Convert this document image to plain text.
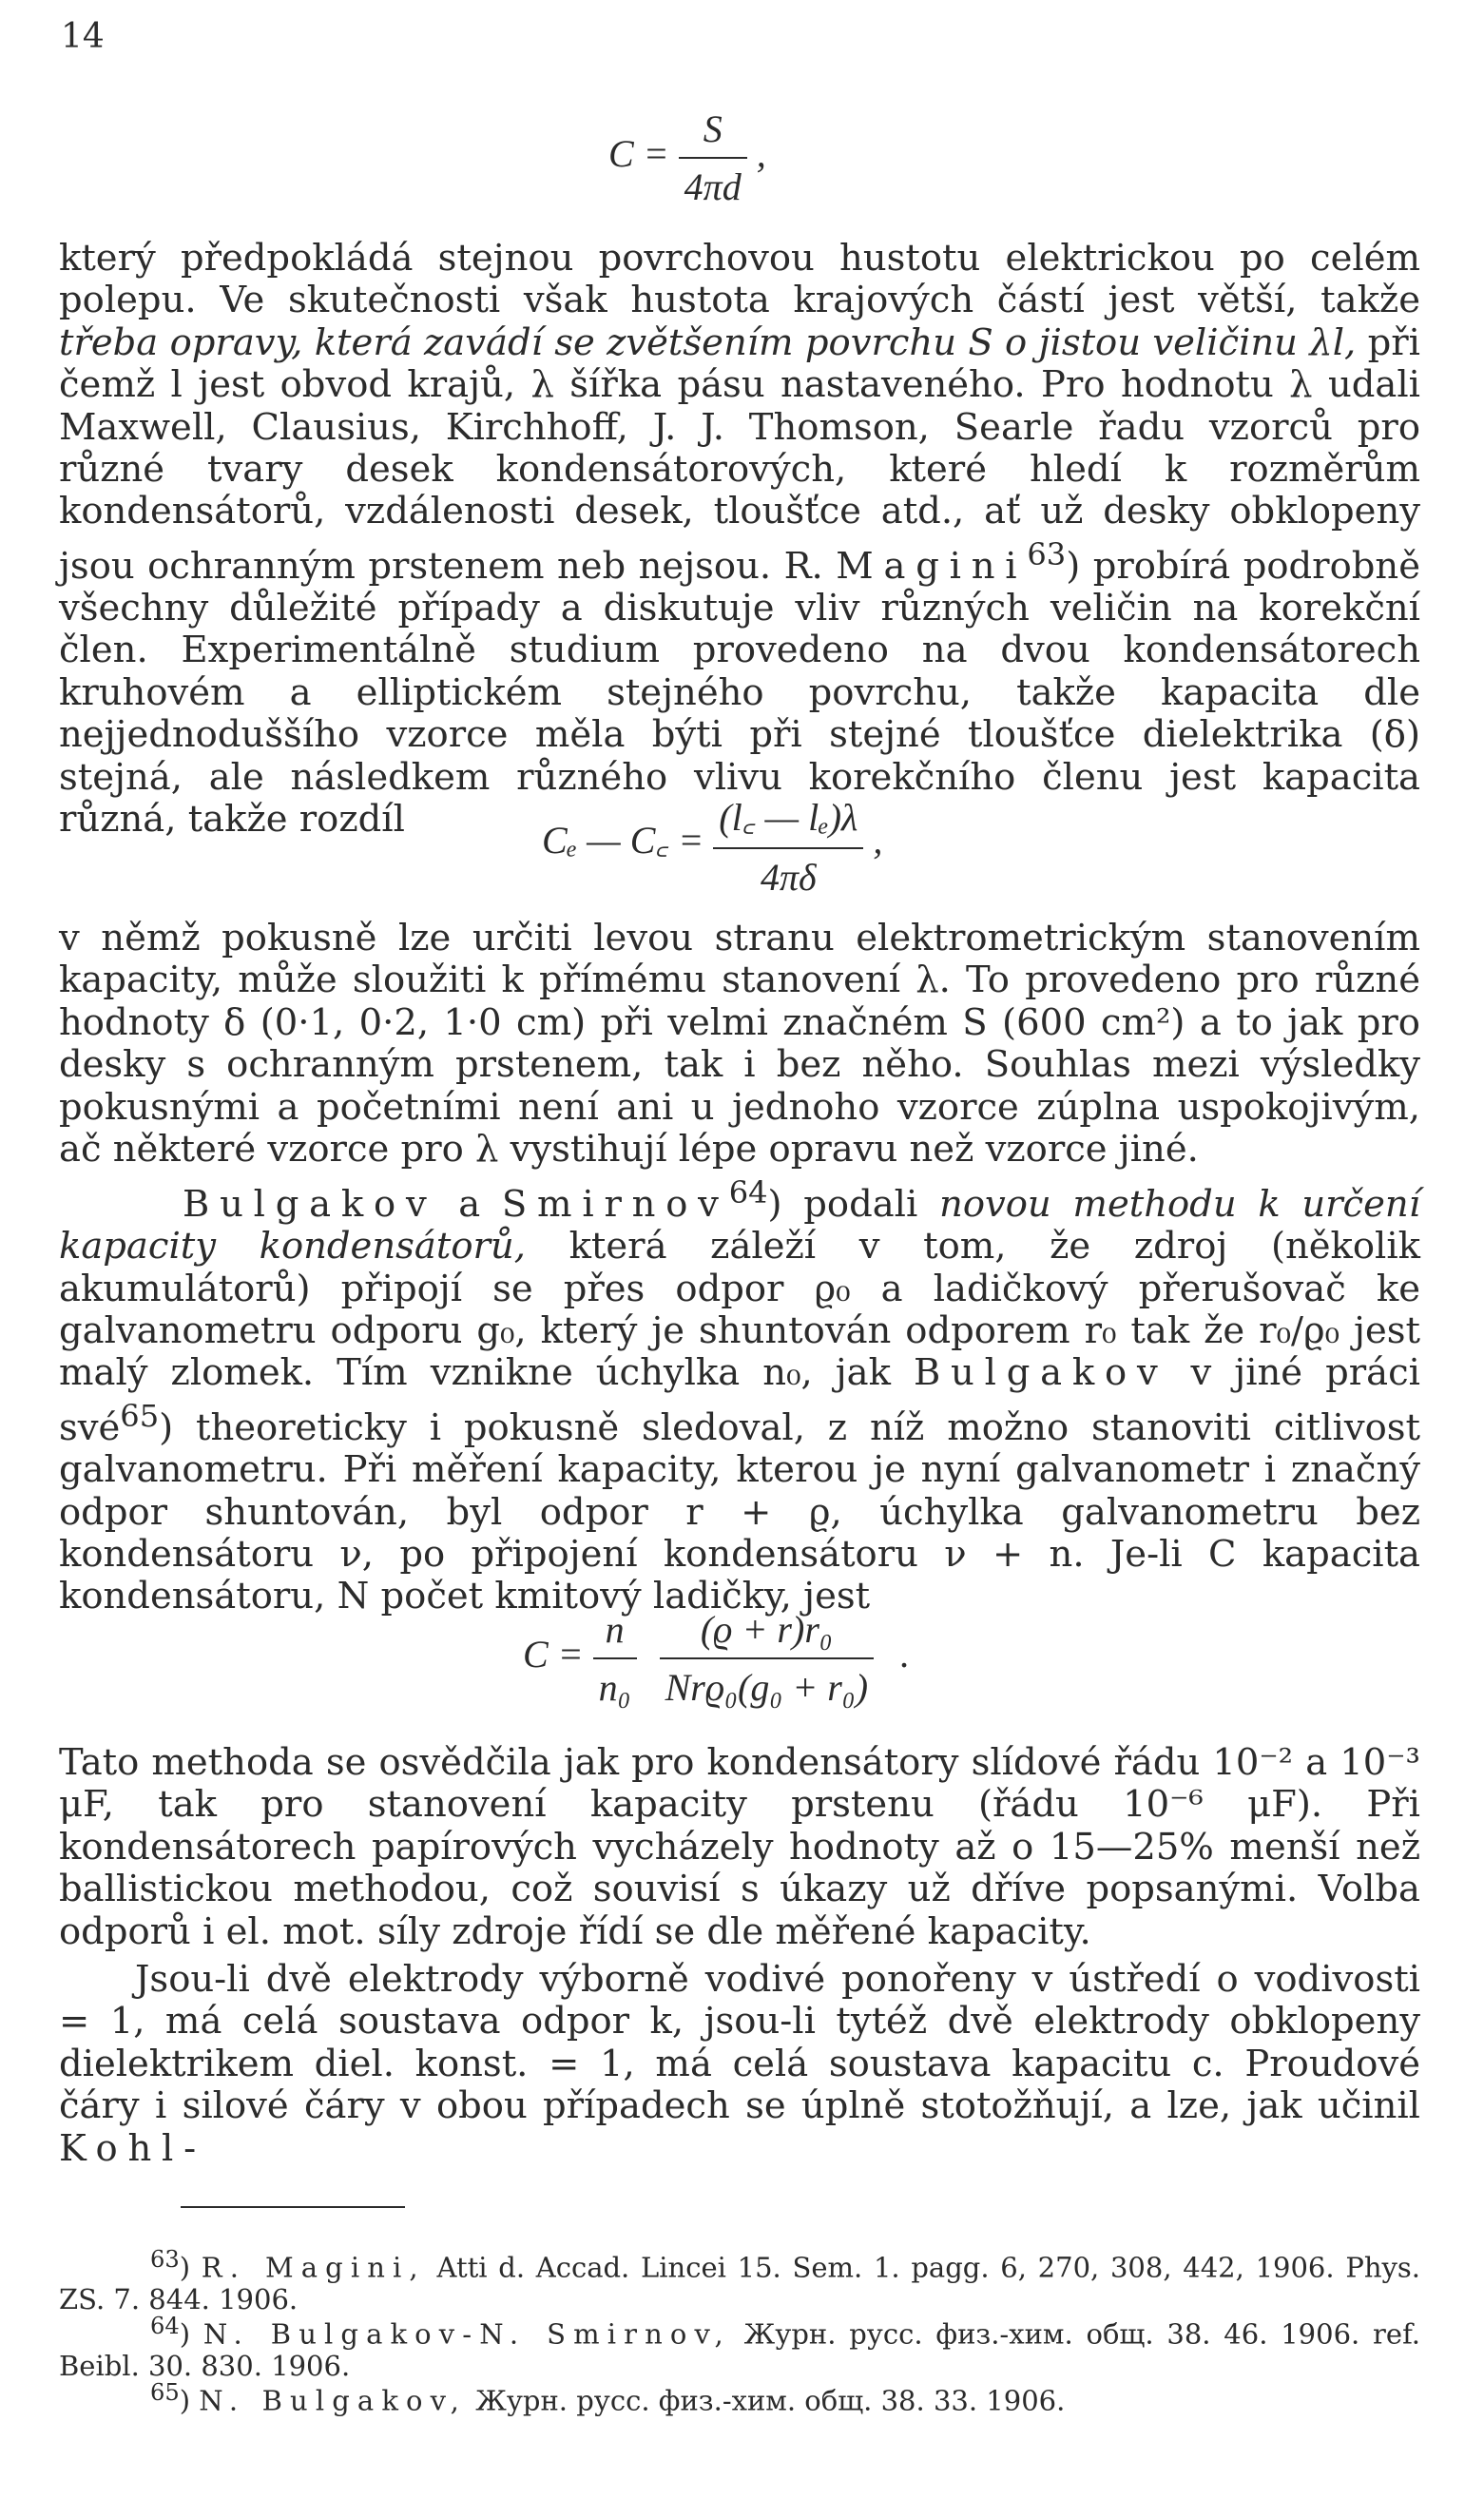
14
$C = \frac{S}{4\pi d}$ ,
který předpokládá stejnou povrchovou hustotu elektrickou po celém polepu. Ve skutečnosti však hustota krajových částí jest větší, takže třeba opravy, která zavádí se zvětšením povrchu S o jistou veličinu λl, při čemž l jest obvod krajů, λ šířka pásu nastaveného. Pro hodnotu λ udali Maxwell, Clausius, Kirchhoff, J. J. Thomson, Searle řadu vzorců pro různé tvary desek kondensátorových, které hledí k rozměrům kondensátorů, vzdálenosti desek, tloušťce atd., ať už desky obklopeny jsou ochranným prstenem neb nejsou. R. Magini$^{63}$) probírá podrobně všechny důležité případy a diskutuje vliv různých veličin na korekční člen. Experimentálně studium provedeno na dvou kondensátorech kruhovém a elliptickém stejného povrchu, takže kapacita dle nejjednoduššího vzorce měla býti při stejné tloušťce dielektrika (δ) stejná, ale následkem různého vlivu korekčního členu jest kapacita různá, takže rozdíl	Cₑ — C꜀ = $\frac{\text{(l꜀ — lₑ)λ}}{4\pi\delta}$ ,
v němž pokusně lze určiti levou stranu elektrometrickým stanovením kapacity, může sloužiti k přímému stanovení λ. To provedeno pro různé hodnoty δ (0·1, 0·2, 1·0 cm) při velmi značném S (600 cm²) a to jak pro desky s ochranným prstenem, tak i bez něho. Souhlas mezi výsledky pokusnými a početními není ani u jednoho vzorce zúplna uspokojivým, ač některé vzorce pro λ vystihují lépe opravu než vzorce jiné.
Bulgakov a Smirnov$^{64}$) podali novou methodu k určení kapacity kondensátorů, která záleží v tom, že zdroj (několik akumulátorů) připojí se přes odpor ϱ₀ a ladičkový přerušovač ke galvanometru odporu g₀, který je shuntován odporem r₀ tak že r₀/ϱ₀ jest malý zlomek. Tím vznikne úchylka n₀, jak Bulgakov v jiné práci své$^{65}$) theoreticky i pokusně sledoval, z níž možno stanoviti citlivost galvanometru. Při měření kapacity, kterou je nyní galvanometr i značný odpor shuntován, byl odpor r + ϱ, úchylka galvanometru bez kondensátoru ν, po připojení kondensátoru ν + n. Je-li C kapacita kondensátoru, N počet kmitový ladičky, jest
$C = \frac{n}{\text{n₀}}$
$\frac{\text{(ϱ + r)r₀}}{\text{Nrϱ₀(g₀ + r₀)}}$ .
Tato methoda se osvědčila jak pro kondensátory slídové řádu 10⁻² a 10⁻³ μF, tak pro stanovení kapacity prstenu (řádu 10⁻⁶ μF). Při kondensátorech papírových vycházely hodnoty až o 15—25% menší než ballistickou methodou, což souvisí s úkazy už dříve popsanými. Volba odporů i el. mot. síly zdroje řídí se dle měřené kapacity.
Jsou-li dvě elektrody výborně vodivé ponořeny v ústředí o vodivosti = 1, má celá soustava odpor k, jsou-li tytéž dvě elektrody obklopeny dielektrikem diel. konst. = 1, má celá soustava kapacitu c. Proudové čáry i silové čáry v obou případech se úplně stotožňují, a lze, jak učinil Kohl-
$^{63}$) R. Magini, Atti d. Accad. Lincei 15. Sem. 1. pagg. 6, 270, 308, 442, 1906. Phys. ZS. 7. 844. 1906.
$^{64}$) N. Bulgakov-N. Smirnov, Журн. русс. физ.-хим. общ. 38. 46. 1906. ref. Beibl. 30. 830. 1906.
$^{65}$) N. Bulgakov, Журн. русс. физ.-хим. общ. 38. 33. 1906.
